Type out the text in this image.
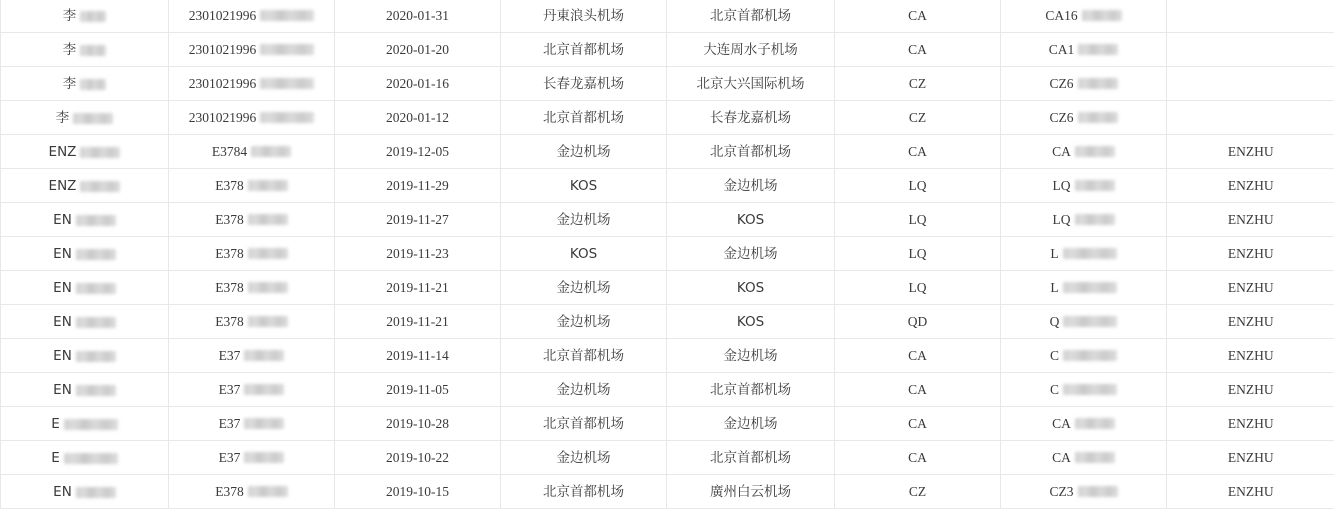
李	2301021996	2020-01-31	丹東浪头机场	北京首都机场	CA	CA16	

李	2301021996	2020-01-20	北京首都机场	大连周水子机场	CA	CA1	

李	2301021996	2020-01-16	长春龙嘉机场	北京大兴国际机场	CZ	CZ6	

李	2301021996	2020-01-12	北京首都机场	长春龙嘉机场	CZ	CZ6	

ENZ	E3784	2019-12-05	金边机场	北京首都机场	CA	CA	ENZHU

ENZ	E378	2019-11-29	KOS	金边机场	LQ	LQ	ENZHU

EN	E378	2019-11-27	金边机场	KOS	LQ	LQ	ENZHU

EN	E378	2019-11-23	KOS	金边机场	LQ	L	ENZHU

EN	E378	2019-11-21	金边机场	KOS	LQ	L	ENZHU

EN	E378	2019-11-21	金边机场	KOS	QD	Q	ENZHU

EN	E37	2019-11-14	北京首都机场	金边机场	CA	C	ENZHU

EN	E37	2019-11-05	金边机场	北京首都机场	CA	C	ENZHU

E	E37	2019-10-28	北京首都机场	金边机场	CA	CA	ENZHU

E	E37	2019-10-22	金边机场	北京首都机场	CA	CA	ENZHU

EN	E378	2019-10-15	北京首都机场	廣州白云机场	CZ	CZ3	ENZHU
